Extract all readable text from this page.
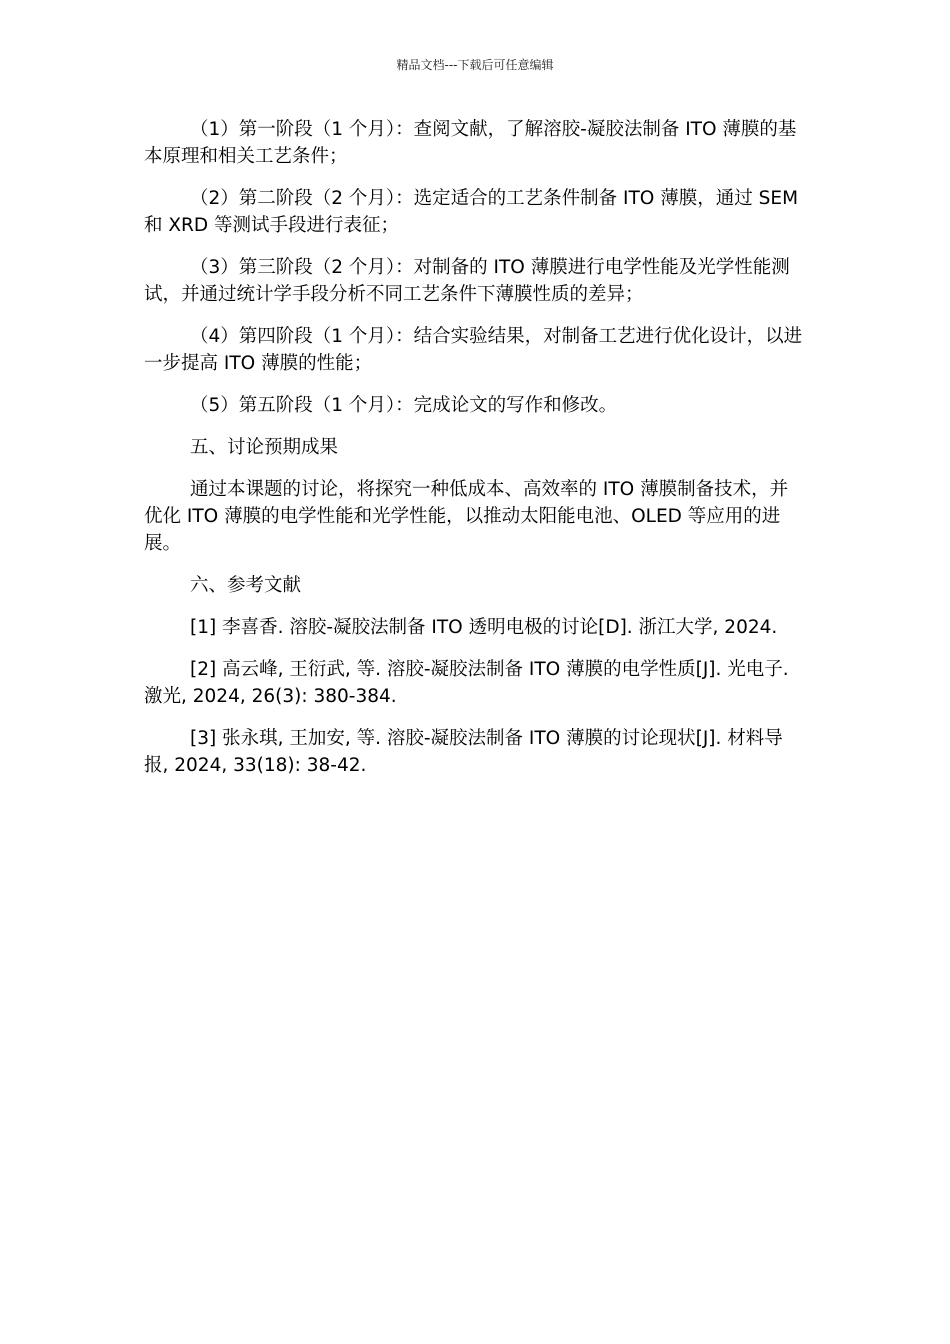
精品文档---下载后可任意编辑

（1）第一阶段（1 个月）：查阅文献，了解溶胶-凝胶法制备 ITO 薄膜的基本原理和相关工艺条件；

（2）第二阶段（2 个月）：选定适合的工艺条件制备 ITO 薄膜，通过 SEM 和 XRD 等测试手段进行表征；

（3）第三阶段（2 个月）：对制备的 ITO 薄膜进行电学性能及光学性能测试，并通过统计学手段分析不同工艺条件下薄膜性质的差异；

（4）第四阶段（1 个月）：结合实验结果，对制备工艺进行优化设计，以进一步提高 ITO 薄膜的性能；

（5）第五阶段（1 个月）：完成论文的写作和修改。

五、讨论预期成果

通过本课题的讨论，将探究一种低成本、高效率的 ITO 薄膜制备技术，并优化 ITO 薄膜的电学性能和光学性能，以推动太阳能电池、OLED 等应用的进展。

六、参考文献

[1] 李喜香. 溶胶-凝胶法制备 ITO 透明电极的讨论[D]. 浙江大学, 2024.

[2] 高云峰, 王衍武, 等. 溶胶-凝胶法制备 ITO 薄膜的电学性质[J]. 光电子.激光, 2024, 26(3): 380-384.

[3] 张永琪, 王加安, 等. 溶胶-凝胶法制备 ITO 薄膜的讨论现状[J]. 材料导报, 2024, 33(18): 38-42.
